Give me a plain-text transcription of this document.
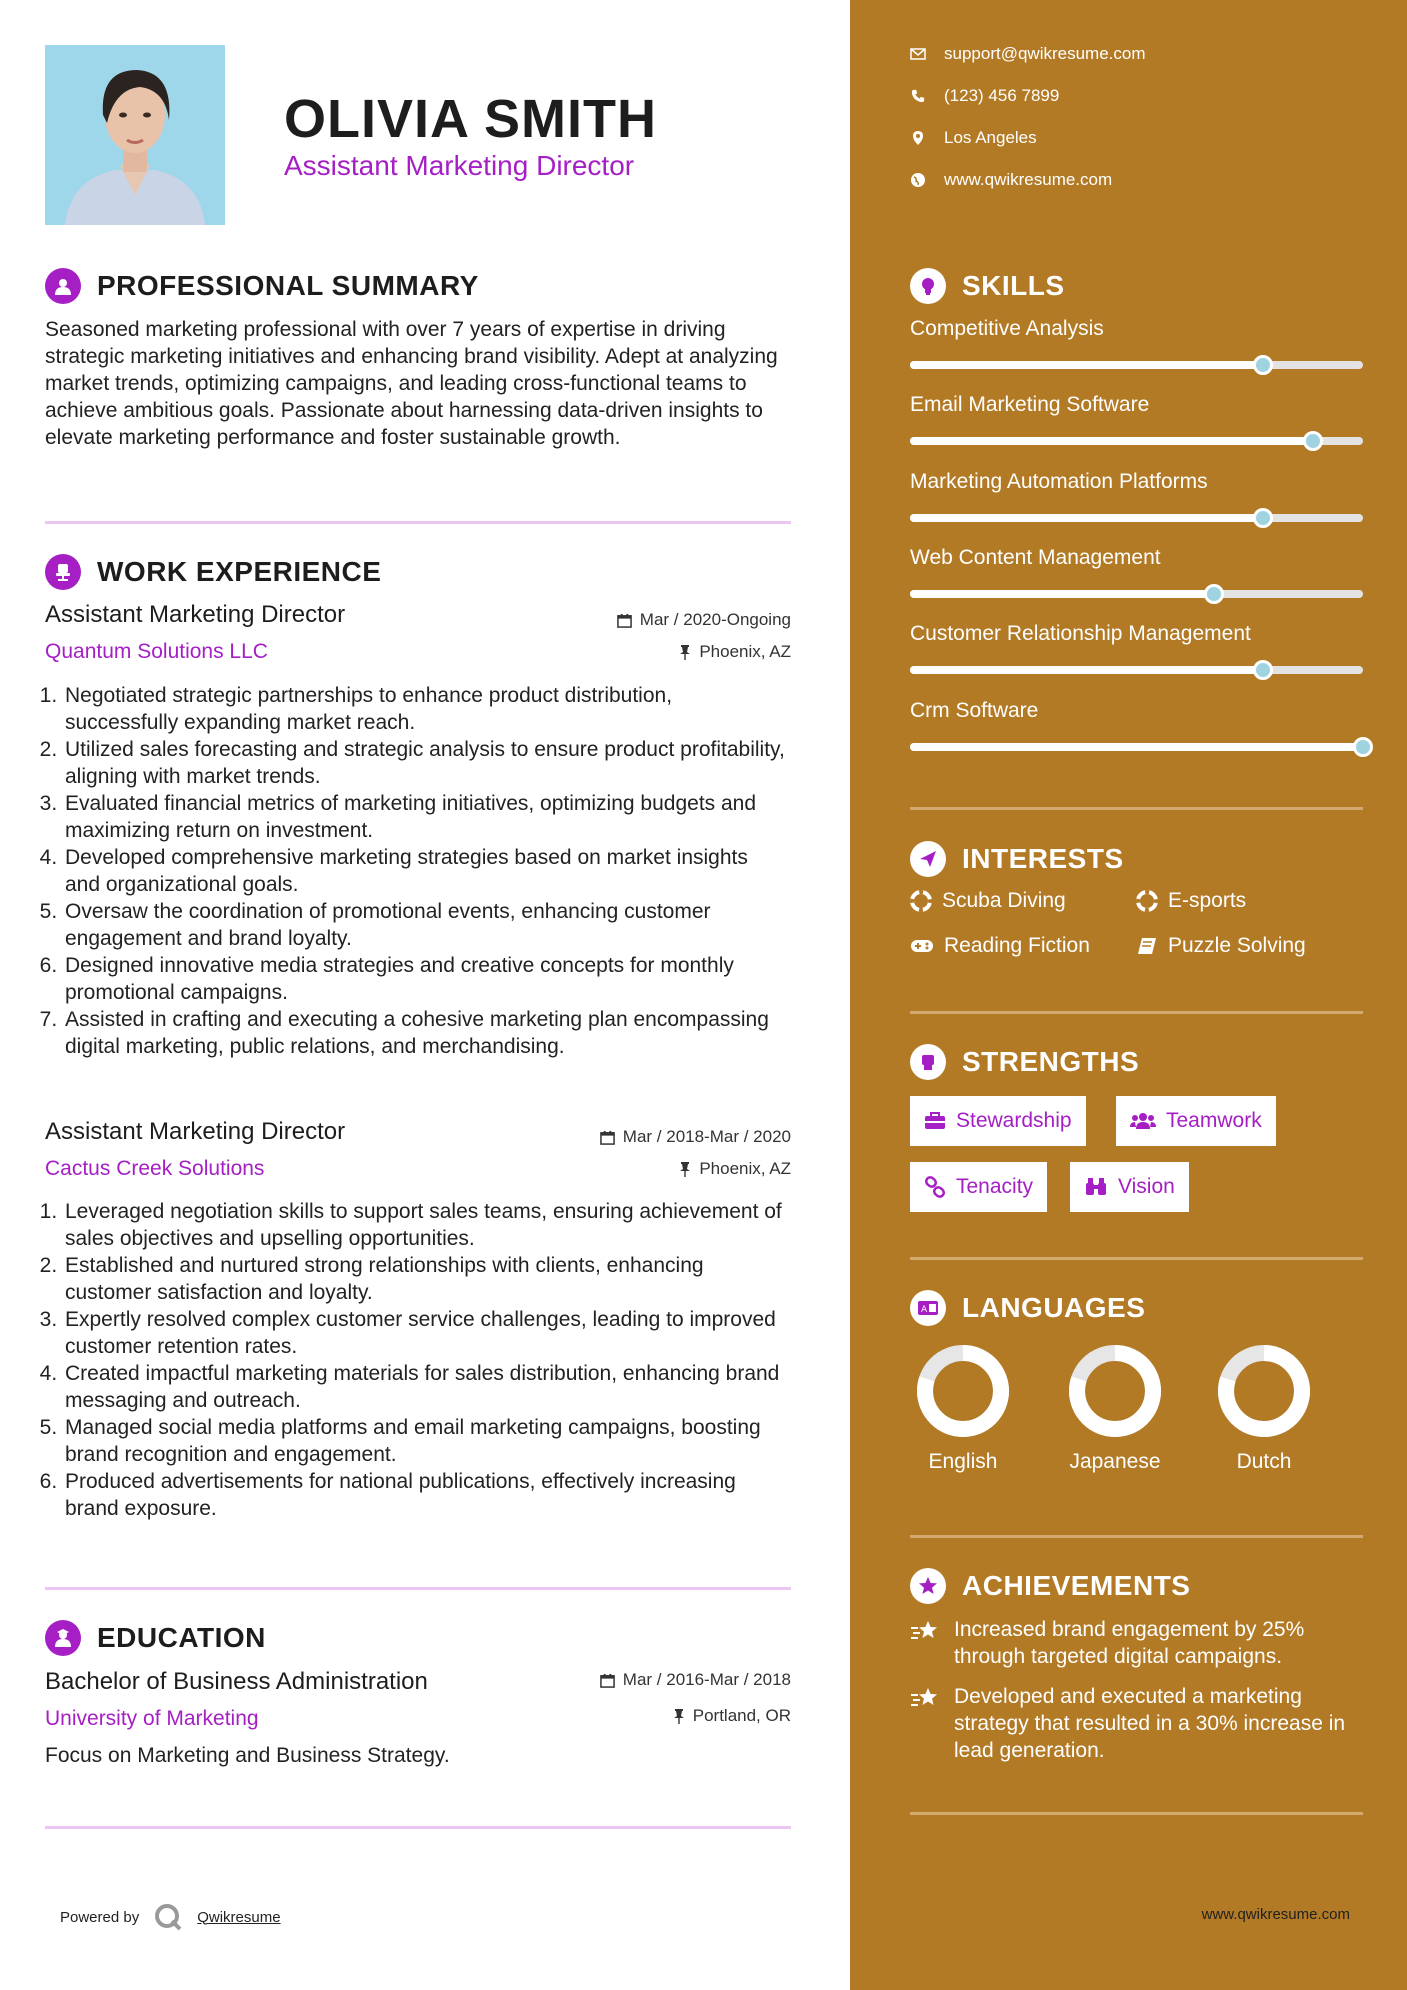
OLIVIA SMITH
Assistant Marketing Director
PROFESSIONAL SUMMARY
Seasoned marketing professional with over 7 years of expertise in driving strategic marketing initiatives and enhancing brand visibility. Adept at analyzing market trends, optimizing campaigns, and leading cross-functional teams to achieve ambitious goals. Passionate about harnessing data-driven insights to elevate marketing performance and foster sustainable growth.
WORK EXPERIENCE
Assistant Marketing Director
Quantum Solutions LLC
Mar / 2020-Ongoing
Phoenix, AZ
1. Negotiated strategic partnerships to enhance product distribution, successfully expanding market reach.
2. Utilized sales forecasting and strategic analysis to ensure product profitability, aligning with market trends.
3. Evaluated financial metrics of marketing initiatives, optimizing budgets and maximizing return on investment.
4. Developed comprehensive marketing strategies based on market insights and organizational goals.
5. Oversaw the coordination of promotional events, enhancing customer engagement and brand loyalty.
6. Designed innovative media strategies and creative concepts for monthly promotional campaigns.
7. Assisted in crafting and executing a cohesive marketing plan encompassing digital marketing, public relations, and merchandising.
Assistant Marketing Director
Cactus Creek Solutions
Mar / 2018-Mar / 2020
Phoenix, AZ
1. Leveraged negotiation skills to support sales teams, ensuring achievement of sales objectives and upselling opportunities.
2. Established and nurtured strong relationships with clients, enhancing customer satisfaction and loyalty.
3. Expertly resolved complex customer service challenges, leading to improved customer retention rates.
4. Created impactful marketing materials for sales distribution, enhancing brand messaging and outreach.
5. Managed social media platforms and email marketing campaigns, boosting brand recognition and engagement.
6. Produced advertisements for national publications, effectively increasing brand exposure.
EDUCATION
Bachelor of Business Administration
University of Marketing
Mar / 2016-Mar / 2018
Portland, OR
Focus on Marketing and Business Strategy.
Powered by	Qwikresume
support@qwikresume.com
(123) 456 7899
Los Angeles
www.qwikresume.com
SKILLS
Competitive Analysis
Email Marketing Software
Marketing Automation Platforms
Web Content Management
Customer Relationship Management
Crm Software
INTERESTS
Scuba Diving	E-sports
Reading Fiction	Puzzle Solving
STRENGTHS
Stewardship	Teamwork
Tenacity	Vision
A LANGUAGES
English	Japanese	Dutch
ACHIEVEMENTS
Increased brand engagement by 25% through targeted digital campaigns.
Developed and executed a marketing strategy that resulted in a 30% increase in lead generation.
www.qwikresume.com
